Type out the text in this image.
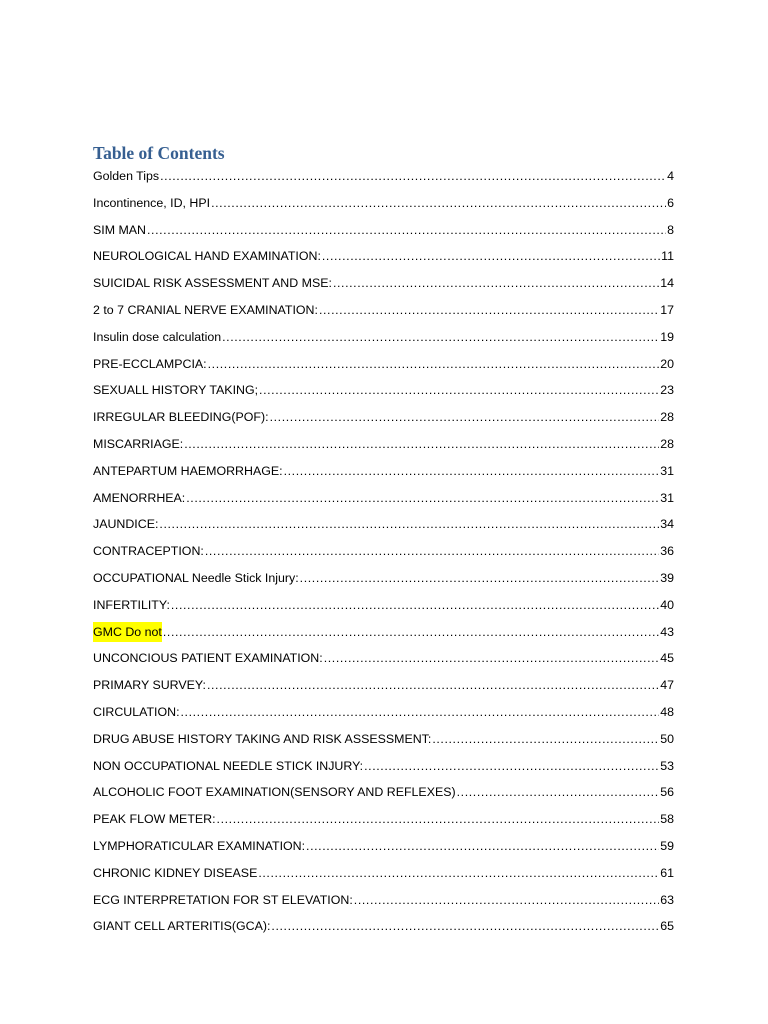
Table of Contents
Golden Tips .....	4
Incontinence, ID, HPI .....	6
SIM MAN .....	8
NEUROLOGICAL HAND EXAMINATION: .....	11
SUICIDAL RISK ASSESSMENT AND MSE: .....	14
2 to 7 CRANIAL NERVE EXAMINATION: .....	17
Insulin dose calculation .....	19
PRE-ECCLAMPCIA: .....	20
SEXUALL HISTORY TAKING; .....	23
IRREGULAR BLEEDING(POF): .....	28
MISCARRIAGE: .....	28
ANTEPARTUM HAEMORRHAGE: .....	31
AMENORRHEA: .....	31
JAUNDICE: .....	34
CONTRACEPTION: .....	36
OCCUPATIONAL Needle Stick Injury: .....	39
INFERTILITY: .....	40
GMC Do not .....	43
UNCONCIOUS PATIENT EXAMINATION: .....	45
PRIMARY SURVEY: .....	47
CIRCULATION: .....	48
DRUG ABUSE HISTORY TAKING AND RISK ASSESSMENT: .....	50
NON OCCUPATIONAL NEEDLE STICK INJURY: .....	53
ALCOHOLIC FOOT EXAMINATION(SENSORY AND REFLEXES) .....	56
PEAK FLOW METER: .....	58
LYMPHORATICULAR EXAMINATION: .....	59
CHRONIC KIDNEY DISEASE .....	61
ECG INTERPRETATION FOR ST ELEVATION: .....	63
GIANT CELL ARTERITIS(GCA): .....	65
